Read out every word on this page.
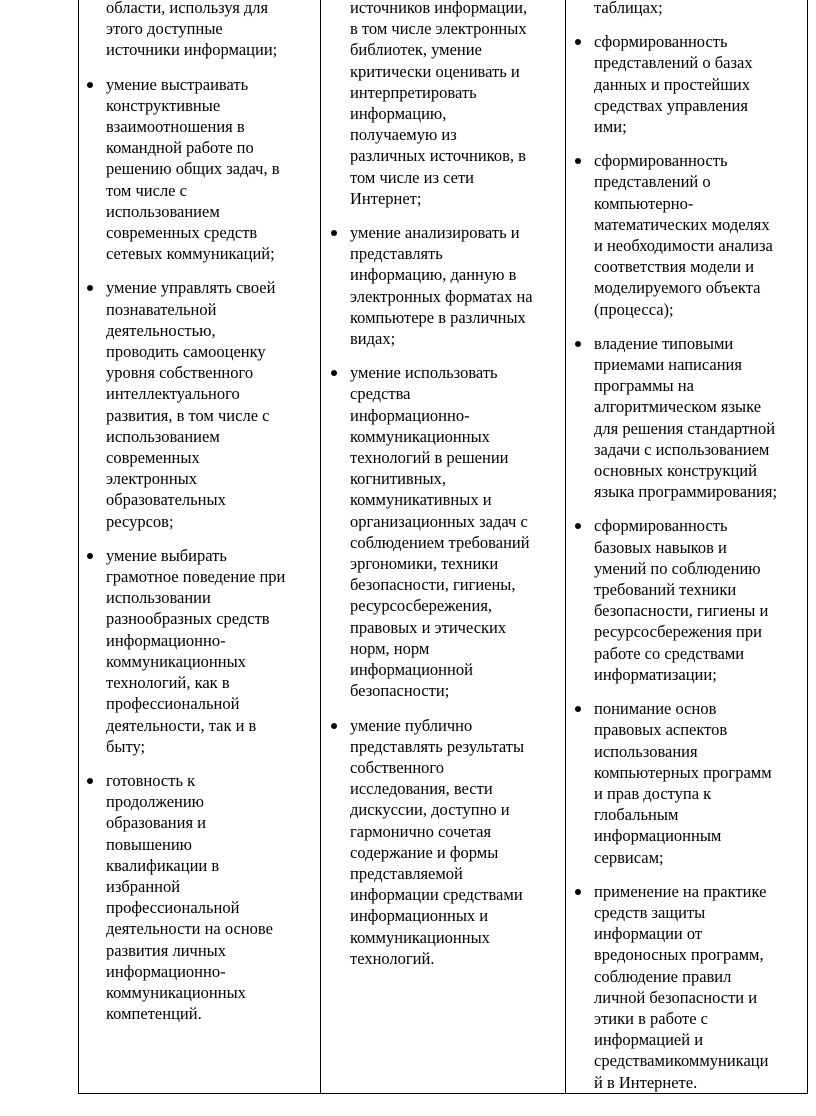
области, используя для
этого доступные
источники информации;
умение выстраивать
конструктивные
взаимоотношения в
командной работе по
решению общих задач, в
том числе с
использованием
современных средств
сетевых коммуникаций;
умение управлять своей
познавательной
деятельностью,
проводить самооценку
уровня собственного
интеллектуального
развития, в том числе с
использованием
современных
электронных
образовательных
ресурсов;
умение выбирать
грамотное поведение при
использовании
разнообразных средств
информационно-
коммуникационных
технологий, как в
профессиональной
деятельности, так и в
быту;
готовность к
продолжению
образования и
повышению
квалификации в
избранной
профессиональной
деятельности на основе
развития личных
информационно-
коммуникационных
компетенций.
источников информации,
в том числе электронных
библиотек, умение
критически оценивать и
интерпретировать
информацию,
получаемую из
различных источников, в
том числе из сети
Интернет;
умение анализировать и
представлять
информацию, данную в
электронных форматах на
компьютере в различных
видах;
умение использовать
средства
информационно-
коммуникационных
технологий в решении
когнитивных,
коммуникативных и
организационных задач с
соблюдением требований
эргономики, техники
безопасности, гигиены,
ресурсосбережения,
правовых и этических
норм, норм
информационной
безопасности;
умение публично
представлять результаты
собственного
исследования, вести
дискуссии, доступно и
гармонично сочетая
содержание и формы
представляемой
информации средствами
информационных и
коммуникационных
технологий.
таблицах;
сформированность
представлений о базах
данных и простейших
средствах управления
ими;
сформированность
представлений о
компьютерно-
математических моделях
и необходимости анализа
соответствия модели и
моделируемого объекта
(процесса);
владение типовыми
приемами написания
программы на
алгоритмическом языке
для решения стандартной
задачи с использованием
основных конструкций
языка программирования;
сформированность
базовых навыков и
умений по соблюдению
требований техники
безопасности, гигиены и
ресурсосбережения при
работе со средствами
информатизации;
понимание основ
правовых аспектов
использования
компьютерных программ
и прав доступа к
глобальным
информационным
сервисам;
применение на практике
средств защиты
информации от
вредоносных программ,
соблюдение правил
личной безопасности и
этики в работе с
информацией и
средствамикоммуникаци
й в Интернете.
